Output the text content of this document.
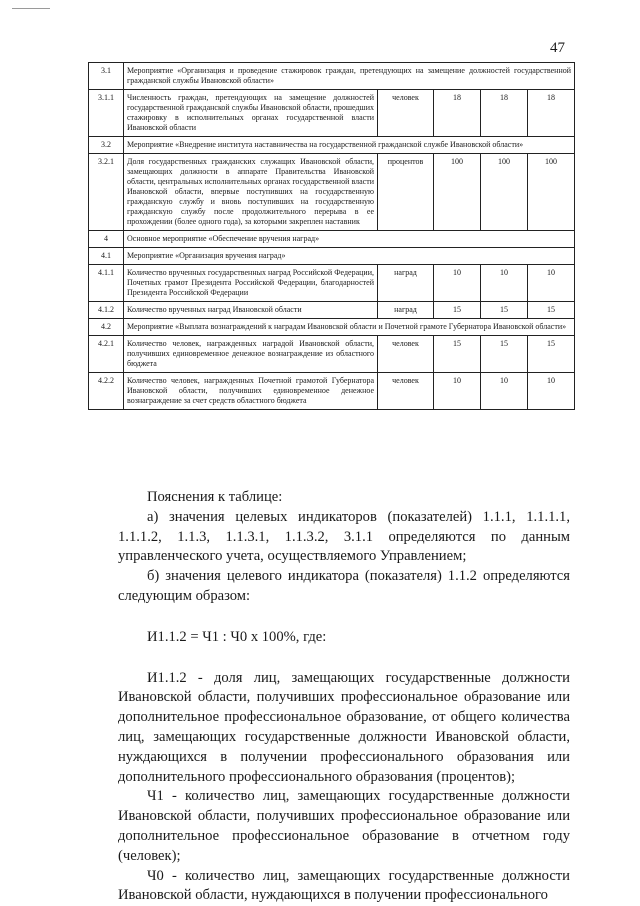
47
3.1	Мероприятие «Организация и проведение стажировок граждан, претендующих на замещение должностей государственной гражданской службы Ивановской области»				
3.1.1	Численность граждан, претендующих на замещение должностей государственной гражданской службы Ивановской области, прошедших стажировку в исполнительных органах государственной власти Ивановской области	человек	18	18	18
3.2	Мероприятие «Внедрение института наставничества на государственной гражданской службе Ивановской области»				
3.2.1	Доля государственных гражданских служащих Ивановской области, замещающих должности в аппарате Правительства Ивановской области, центральных исполнительных органах государственной власти Ивановской области, впервые поступивших на государственную гражданскую службу и вновь поступивших на государственную гражданскую службу после продолжительного перерыва в ее прохождении (более одного года), за которыми закреплен наставник	процентов	100	100	100
4	Основное мероприятие «Обеспечение вручения наград»				
4.1	Мероприятие «Организация вручения наград»				
4.1.1	Количество врученных государственных наград Российской Федерации, Почетных грамот Президента Российской Федерации, благодарностей Президента Российской Федерации	наград	10	10	10
4.1.2	Количество врученных наград Ивановской области	наград	15	15	15
4.2	Мероприятие «Выплата вознаграждений к наградам Ивановской области и Почетной грамоте Губернатора Ивановской области»				
4.2.1	Количество человек, награжденных наградой Ивановской области, получивших единовременное денежное вознаграждение из областного бюджета	человек	15	15	15
4.2.2	Количество человек, награжденных Почетной грамотой Губернатора Ивановской области, получивших единовременное денежное вознаграждение за счет средств областного бюджета	человек	10	10	10

Пояснения к таблице:

а) значения целевых индикаторов (показателей) 1.1.1, 1.1.1.1, 1.1.1.2, 1.1.3, 1.1.3.1, 1.1.3.2, 3.1.1 определяются по данным управленческого учета, осуществляемого Управлением;

б) значения целевого индикатора (показателя) 1.1.2 определяются следующим образом:

И1.1.2 = Ч1 : Ч0 х 100%, где:

И1.1.2 - доля лиц, замещающих государственные должности Ивановской области, получивших профессиональное образование или дополнительное профессиональное образование, от общего количества лиц, замещающих государственные должности Ивановской области, нуждающихся в получении профессионального образования или дополнительного профессионального образования (процентов);

Ч1 - количество лиц, замещающих государственные должности Ивановской области, получивших профессиональное образование или дополнительное профессиональное образование в отчетном году (человек);

Ч0 - количество лиц, замещающих государственные должности Ивановской области, нуждающихся в получении профессионального
